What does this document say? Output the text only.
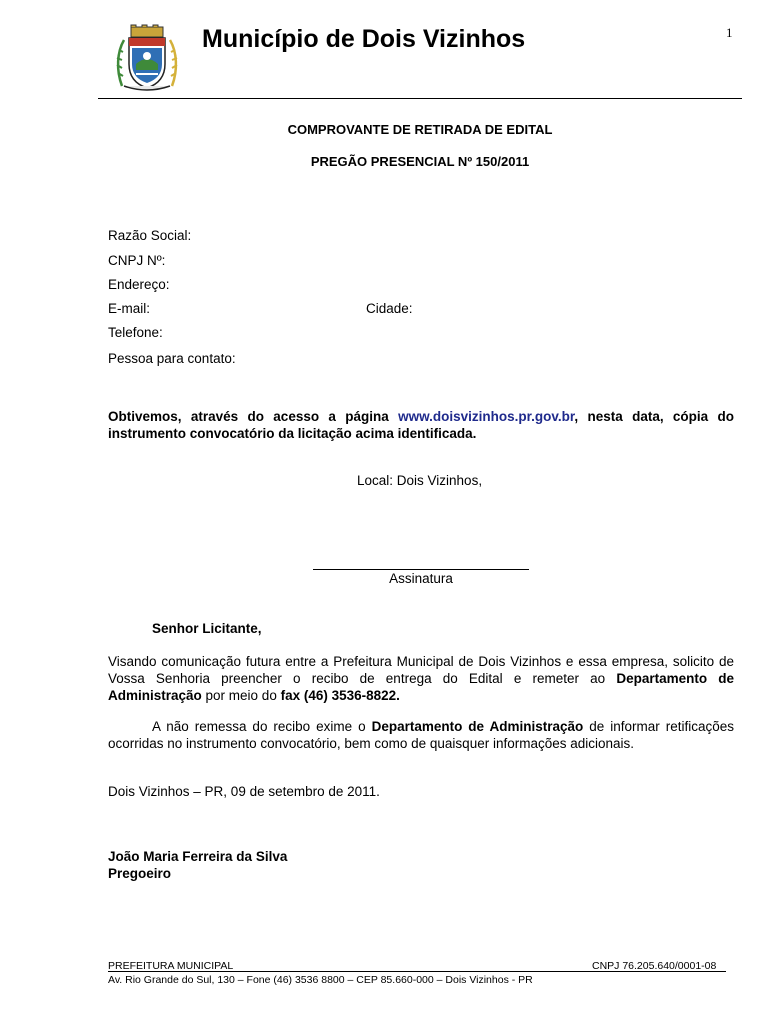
1
Município de Dois Vizinhos
COMPROVANTE DE RETIRADA DE EDITAL
PREGÃO PRESENCIAL Nº 150/2011
Razão Social:
CNPJ Nº:
Endereço:
E-mail:	Cidade:
Telefone:
Pessoa para contato:
Obtivemos, através do acesso a página www.doisvizinhos.pr.gov.br, nesta data, cópia do instrumento convocatório da licitação acima identificada.
Local: Dois Vizinhos,
Assinatura
Senhor Licitante,
Visando comunicação futura entre a Prefeitura Municipal de Dois Vizinhos e essa empresa, solicito de Vossa Senhoria preencher o recibo de entrega do Edital e remeter ao Departamento de Administração por meio do fax (46) 3536-8822.
A não remessa do recibo exime o Departamento de Administração de informar retificações ocorridas no instrumento convocatório, bem como de quaisquer informações adicionais.
Dois Vizinhos – PR, 09 de setembro de 2011.
João Maria Ferreira da Silva
Pregoeiro
PREFEITURA MUNICIPAL	CNPJ 76.205.640/0001-08
Av. Rio Grande do Sul, 130 – Fone (46) 3536 8800 – CEP 85.660-000 – Dois Vizinhos - PR
